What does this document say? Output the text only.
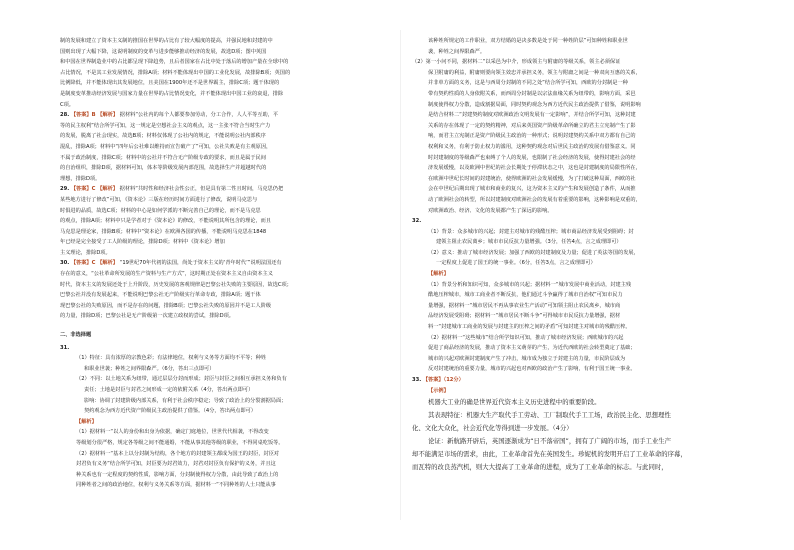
制的发展和建立了资本主义制的推国在世界的占比有了较大幅度的提高，并强民地和封建的中

国则出现了大幅下降，这说明制度的变革与进步能够推动经济的发展，故选D项；图中英国

和中国在世界制造业中的占比都呈现下降趋势，且后者国家在占比中处于落后的增加产量在全球中的

占比情况，不是其工业发展情况，排除A项；材料不能体现出中国的工业化发展，故排除B项；英国的

比例降低，并不能体现出其发展地位，且美国在1900年还不是世界霸主，排除C项；题干体现的

是制度变革推动经济发展与国家力量在世界的占比情况变化，并不能体现出中国工业的衰退，排除

C项。

28. 【答案】B 【解析】 据材料“公社内的每个人都要参加劳动，分工合作，人人平等互助，平

等的民主权利”结合所学可知，这一规定是空想社会主义的观点，这一主张不符合当时生产力

的发展，脱离了社会现实，故选B项；材料仅体现了公社内的规定，不能说明公社内部秩序

混乱，排除A项；材料中“四年后公社难以维持而宣告破产了”可知，公社失败是有主观原因，

不属于政治制度，排除C项；材料中的公社并不符合无产阶级专政的要求，而且是属于民间

的自治组织，排除D项，据材料可知，体本等阶级发展内部范围，故选择生产并超越时代的

理想，排除D项。

29. 【答案】C 【解析】 据材料“共时性和经济社会性公正，但是具有第二性且时间，马克思仍把

某些地方进行了修改”可知，《资本论》三版在经历时间方面进行了修改，说明马克思与

时俱进的品质，故选C项；材料的中心是如何学派的不断完善自己的理论，而不是马克思

的观点，排除A项；材料中只是学者对于《资本论》的修改，不能说明其所包含的理论，而且

马克思是理论家，排除B项；材料中“资本论》在欧洲各国的传播，不能说明马克思在1848

年已经是完全接受了工人阶级的理论，排除D项；材料中《资本论》增加

主义理论，排除D项。

30. 【答案】C 【解析】 “19世纪70年代初的法国，尚处于资本主义的‘青年时代’”说明法国还有

存在的意义，“公社革命所发展的生产资料与生产方式”，这时期正处在资本主义自由资本主义

时代，资本主义的发展还处于上升阶段，历史发展的客观规律是巴黎公社失败的主要原因，故选C项；

巴黎公社并没有发展起来，不能说明巴黎公社无产阶级实行革命专政，排除A项；题干体

现巴黎公社的失败原因，而不是存在的问题，排除B项；巴黎公社失败的原因并不是工人阶级

的力量，排除D项；巴黎公社是无产阶级第一次建立政权的尝试，排除D项。

二、非选择题

31.

（1）特征：具有浓厚的宗教色彩；有法律地位，权利与义务等方面均不平等；种姓

和职业世袭；种姓之间界限森严。（6分，答出三点即可）

（2）不同：以土地关系为纽带，通过层层分封而形成；封臣与封臣之间相互承担义务和负有

责任；土地是封臣与封君之间形成一定的依附关系（4分，答出两点即可）

影响：协调了封建阶级内部关系，有利于社会秩序稳定；导致了政治上的分裂割据局面；

契约观念为西方近代资产阶级民主政治提供了借鉴。（4分，答出两点即可）

【解析】

（1）据材料一“以人的身份和出身为依据，确定门庭地位，世世代代相袭，不得改变

等级划分很严格，规定各等级之间不能通婚，不能从事其他等级的职业，不得同桌吃饭等。

（2）据材料一“基本上以分封制为结构，各个地方的封建领主都成为国王的封臣，封臣对

封君负有义务”结合所学可知，封臣要为封君效力，封君对封臣负有保护的义务，并且这

种关系也有一定程度的契约性质，影响方面，分封制使得权力分散，由此导致了政治上的

同种姓者之间的政治地位，权利与义务关系等方面，据材料一“不同种姓的人士只能从事

该种姓所规定的工作职业，双方结婚的是决多数是处于同一种姓阶层”可知种姓和职业世

袭，种姓之间界限森严。

（2）第一小问不同，据材料二“以采邑为中介，形成领主与附庸的等级关系，领主必须保证

保卫附庸的利益，附庸则要向领主效忠并承担义务，领主与附庸之间是一种双向互惠的关系，

并非单方面的义务，这是与西周分封制的不同之处”结合所学可知，西欧的分封制是一种

带有契约性质的人身依附关系，而西周分封制是以宗法血缘关系为纽带的，影响方面，采邑

制度使得权力分散，造成割据局面，同时契约观念为西方近代民主政治提供了借鉴，说明影响

是结合材料二“封建契约制度对欧洲政治文明发展有一定影响”，并结合所学可知，这种封建

关系的存在体现了一定的契约精神，对后来英国资产阶级革命所确立的君主立宪制产生了影

响，而君主立宪制正是资产阶级民主政治的一种形式；说明封建契约关系中双方都有自己的

权利和义务，有利于防止权力的滥用，这种契约观念对后世民主政治的发展有借鉴意义。同

时封建制度的等级森严也束缚了个人的发展，也限制了社会经济的发展，使得封建社会的经

济发展缓慢，以及欧洲中世纪的社会长期处于停滞状态之中，这也是封建制度的局限性所在，

在欧洲中世纪长时间的封建统治，使得欧洲的社会发展缓慢，为了打破这种局面，西欧的社

会在中世纪后期出现了城市和商业的复兴，这为资本主义的产生和发展创造了条件，从而推

动了欧洲社会的转型，所以封建制度对欧洲社会的发展有着重要的影响，这种影响是双重的，

对欧洲政治、经济、文化的发展都产生了深远的影响。

32.

（1）背景：众多城市的兴起；封建主对城市的残酷压榨；城市商品经济发展受到阻碍；封

建领主阻止农民离乡；城市市民反抗力量增强。（3分，任答4点，言之成理即可）

（2）意义：推动了城市经济发展；加强了西欧的封建制度及力量；促进了英法等国的发展，

一定程度上促进了国王的统一事业。（6分，任答3点，言之成理即可）

【解析】

（1）背景分析和知识可知，众多城市的兴起；据材料一“城市发展中商业活动，封建主残

酷地压榨城市，城市工商业者不断反抗，他们通过斗争赢得了城市自治权”可知市民力

量增强，据材料一“城市居民不再从事农业生产活动”可知领主阻止农民离乡，城市商

品经济发展受阻碍；据材料一“城市居民不断斗争”可得城市市民反抗力量增强，据材

料一“封建城市工商业的发展与封建主的压榨之间的矛盾”可知封建主对城市的残酷压榨。

（2）据材料一“这些城市”结合所学知识可知，推动了城市经济发展；西欧城市的兴起

促进了商品经济的发展，推动了资本主义萌芽的产生，为近代西欧的社会转型奠定了基础；

城市的兴起对欧洲封建制度产生了冲击，城市成为独立于封建主的力量，市民阶层成为

反对封建统治的重要力量，城市的兴起也对西欧的政治产生了影响，有利于国王统一事业。

33. 【答案】（12分）

【示例】

机器大工业的确是世界近代资本主义历史进程中的重要阶段。

其表现特征：机器大生产取代手工劳动、工厂制取代手工工场，政治民主化、思想理性

化、文化大众化，社会近代化等得到进一步发展。（4分）

论证：新航路开辟后，英国逐渐成为“日不落帝国”，拥有了广阔的市场，而手工业生产

却不能满足市场的需求，由此，工业革命首先在英国发生。珍妮机的发明开启了工业革命的序幕，

而瓦特的改良蒸汽机，则大大提高了工业革命的进程，成为了工业革命的标志。与此同时，
